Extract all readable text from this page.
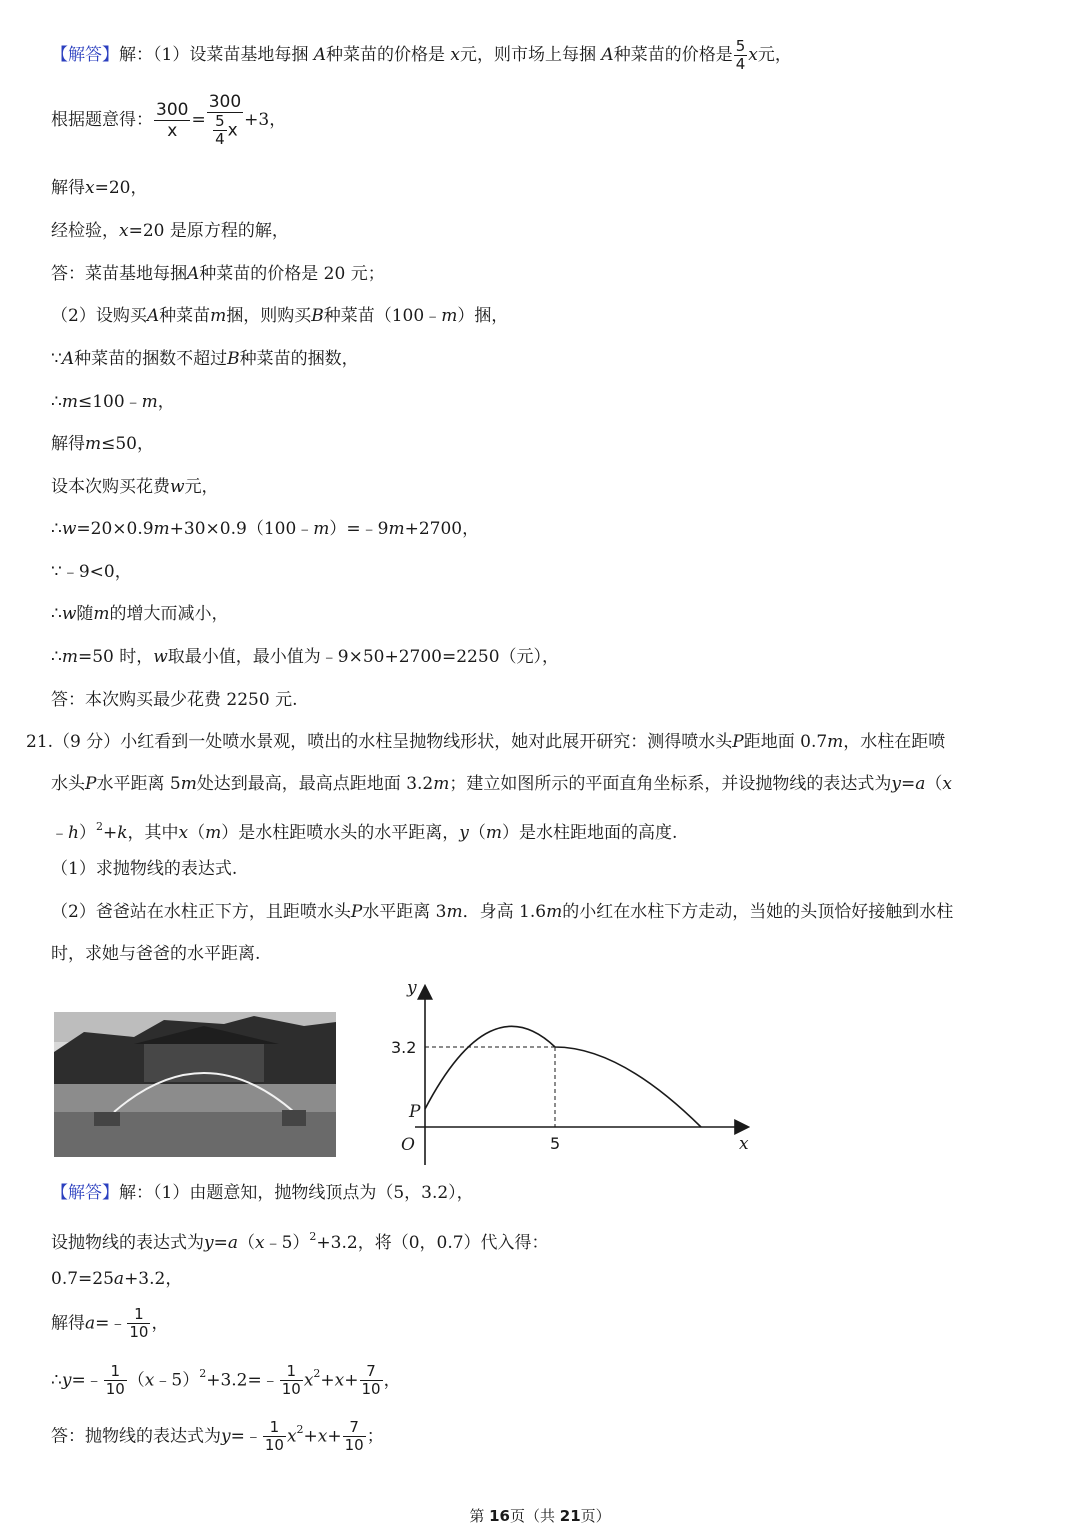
【解答】解：（1）设菜苗基地每捆 A种菜苗的价格是 x元，则市场上每捆 A种菜苗的价格是 $\frac{5}{4}$ x元，
根据题意得： $\frac{300}{x} = \frac{300}{\frac{5}{4} x} +3$，
解得x=20，
经检验，x=20 是原方程的解，
答：菜苗基地每捆A种菜苗的价格是 20 元；
（2）设购买A种菜苗m捆，则购买B种菜苗（100﹣m）捆，
∵A种菜苗的捆数不超过B种菜苗的捆数，
∴m≤100﹣m，
解得m≤50，
设本次购买花费w元，
∴w=20×0.9m+30×0.9（100﹣m）=﹣9m+2700，
∵﹣9<0，
∴w随m的增大而减小，
∴m=50 时，w取最小值，最小值为﹣9×50+2700=2250（元），
答：本次购买最少花费 2250 元.
21.（9 分）小红看到一处喷水景观，喷出的水柱呈抛物线形状，她对此展开研究：测得喷水头P距地面 0.7m，水柱在距喷
水头P水平距离 5m处达到最高，最高点距地面 3.2m；建立如图所示的平面直角坐标系，并设抛物线的表达式为y=a（x
﹣h）$^2$+k，其中x（m）是水柱距喷水头的水平距离，y（m）是水柱距地面的高度.
（1）求抛物线的表达式.
（2）爸爸站在水柱正下方，且距喷水头P水平距离 3m．身高 1.6m的小红在水柱下方走动，当她的头顶恰好接触到水柱
时，求她与爸爸的水平距离.
y
x
O
P
3.2
5
【解答】解：（1）由题意知，抛物线顶点为（5，3.2），
设抛物线的表达式为y=a（x﹣5）$^2$+3.2，将（0，0.7）代入得：
0.7=25a+3.2，
解得a=﹣ $\frac{1}{10}$ ，
∴y=﹣ $\frac{1}{10}$ （x﹣5）$^2$+3.2=﹣ $\frac{1}{10} x^2+x+ \frac{7}{10}$ ，
答：抛物线的表达式为y=﹣ $\frac{1}{10} x^2+x+ \frac{7}{10}$ ；
第 16页（共 21页）
